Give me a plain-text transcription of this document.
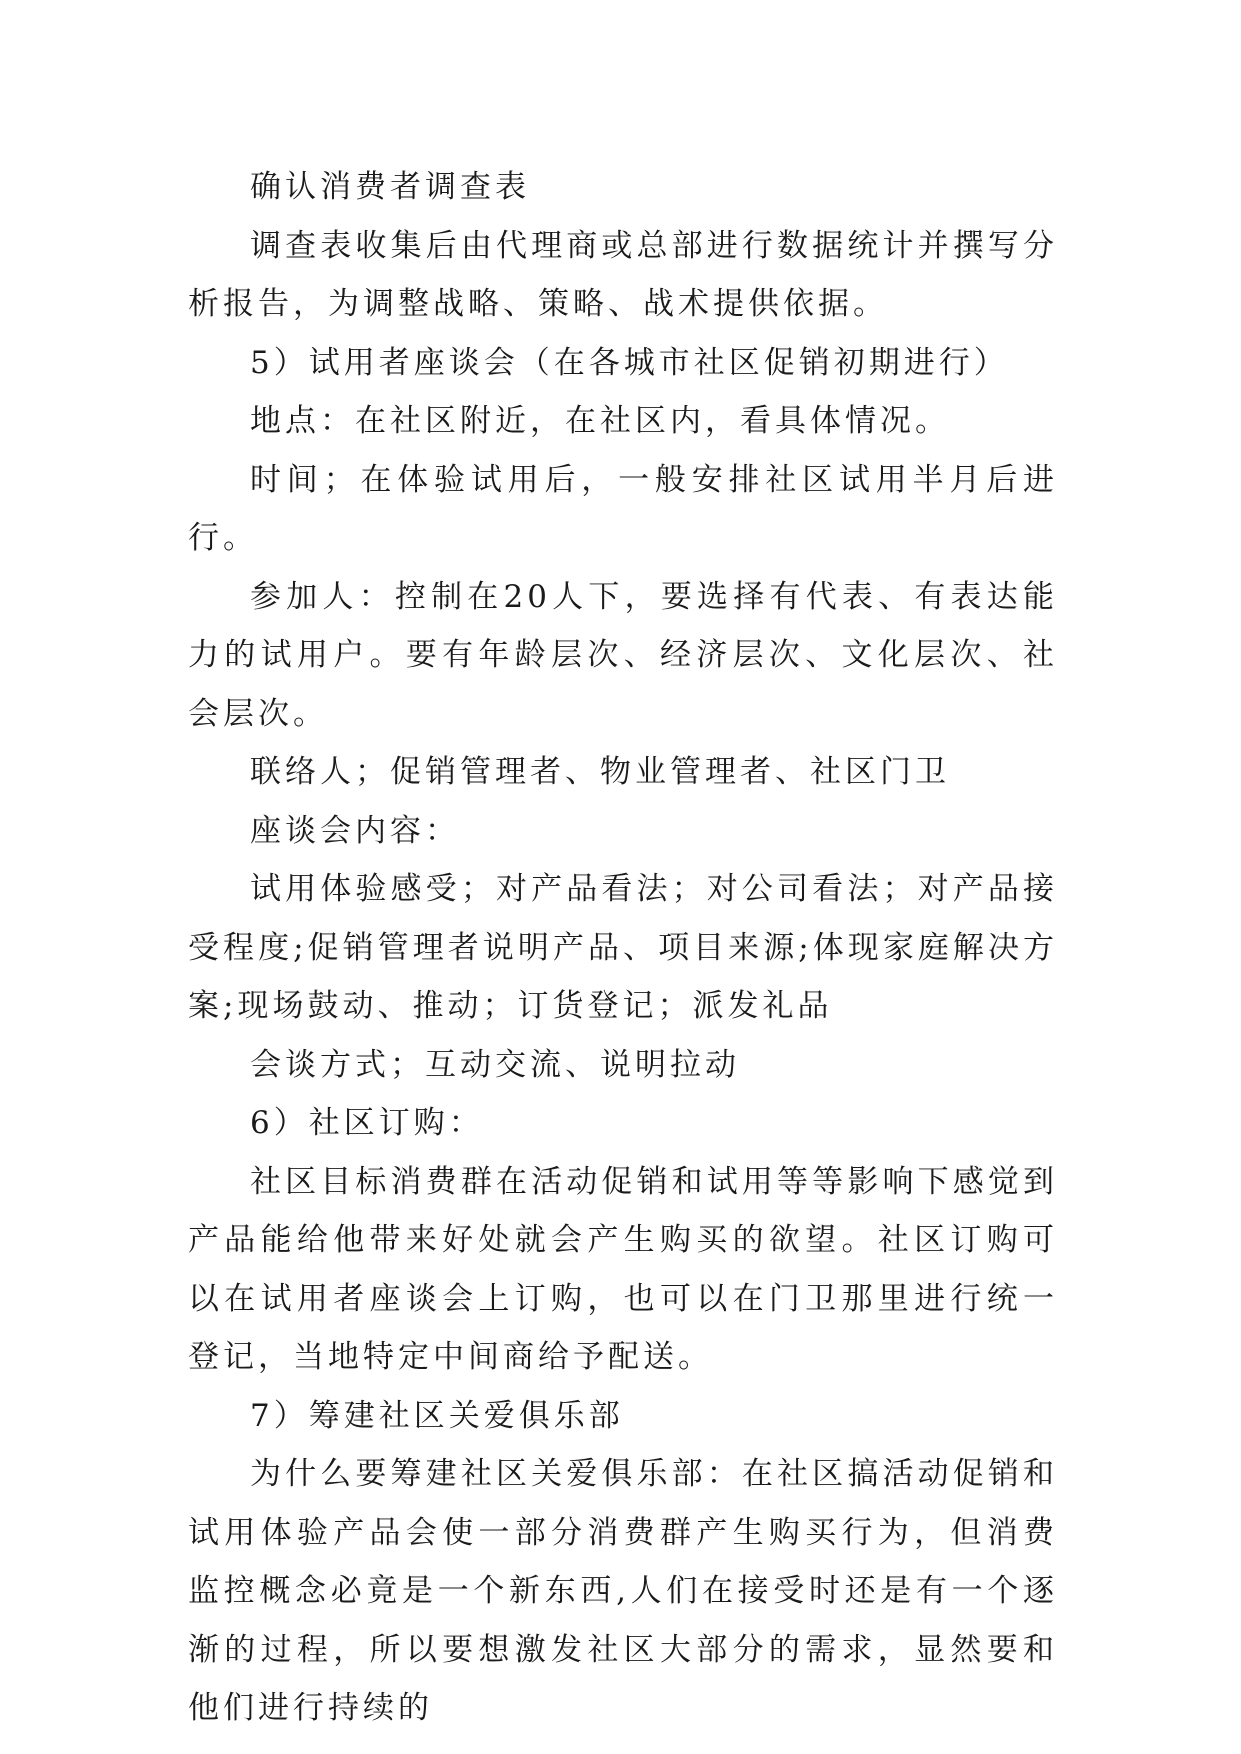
确认消费者调查表

调查表收集后由代理商或总部进行数据统计并撰写分析报告，为调整战略、策略、战术提供依据。

5）试用者座谈会（在各城市社区促销初期进行）

地点：在社区附近，在社区内，看具体情况。

时间；在体验试用后，一般安排社区试用半月后进行。

参加人：控制在20人下，要选择有代表、有表达能力的试用户。要有年龄层次、经济层次、文化层次、社会层次。

联络人；促销管理者、物业管理者、社区门卫

座谈会内容：

试用体验感受；对产品看法；对公司看法；对产品接受程度;促销管理者说明产品、项目来源;体现家庭解决方案;现场鼓动、推动；订货登记；派发礼品

会谈方式；互动交流、说明拉动

6）社区订购：

社区目标消费群在活动促销和试用等等影响下感觉到产品能给他带来好处就会产生购买的欲望。社区订购可以在试用者座谈会上订购，也可以在门卫那里进行统一登记，当地特定中间商给予配送。

7）筹建社区关爱俱乐部

为什么要筹建社区关爱俱乐部：在社区搞活动促销和试用体验产品会使一部分消费群产生购买行为，但消费监控概念必竟是一个新东西,人们在接受时还是有一个逐渐的过程，所以要想激发社区大部分的需求，显然要和他们进行持续的
